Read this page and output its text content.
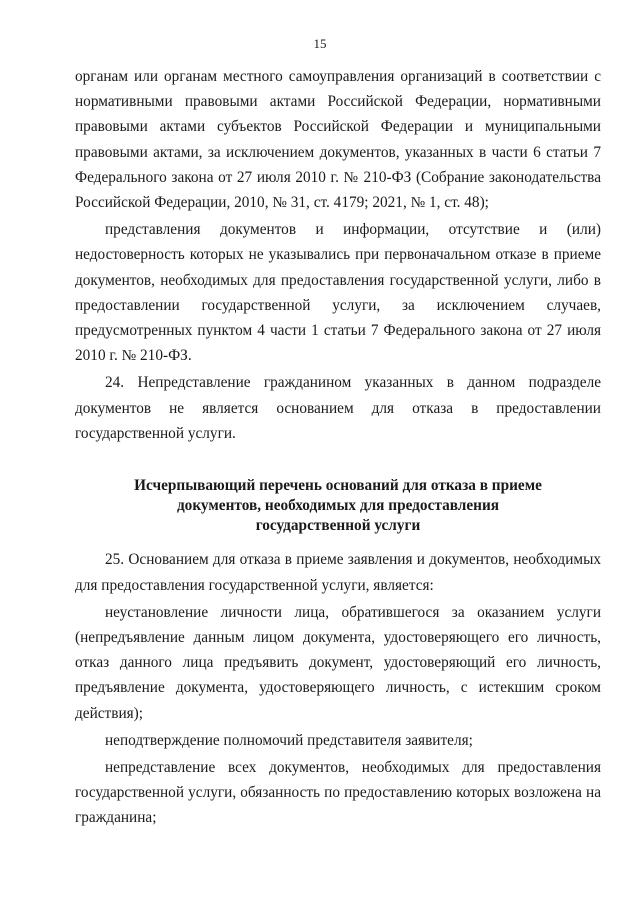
15

органам или органам местного самоуправления организаций в соответствии с нормативными правовыми актами Российской Федерации, нормативными правовыми актами субъектов Российской Федерации и муниципальными правовыми актами, за исключением документов, указанных в части 6 статьи 7 Федерального закона от 27 июля 2010 г. № 210-ФЗ (Собрание законодательства Российской Федерации, 2010, № 31, ст. 4179; 2021, № 1, ст. 48);

представления документов и информации, отсутствие и (или) недостоверность которых не указывались при первоначальном отказе в приеме документов, необходимых для предоставления государственной услуги, либо в предоставлении государственной услуги, за исключением случаев, предусмотренных пунктом 4 части 1 статьи 7 Федерального закона от 27 июля 2010 г. № 210-ФЗ.

24. Непредставление гражданином указанных в данном подразделе документов не является основанием для отказа в предоставлении государственной услуги.

Исчерпывающий перечень оснований для отказа в приеме
документов, необходимых для предоставления
государственной услуги

25. Основанием для отказа в приеме заявления и документов, необходимых для предоставления государственной услуги, является:

неустановление личности лица, обратившегося за оказанием услуги (непредъявление данным лицом документа, удостоверяющего его личность, отказ данного лица предъявить документ, удостоверяющий его личность, предъявление документа, удостоверяющего личность, с истекшим сроком действия);

неподтверждение полномочий представителя заявителя;

непредставление всех документов, необходимых для предоставления государственной услуги, обязанность по предоставлению которых возложена на гражданина;
